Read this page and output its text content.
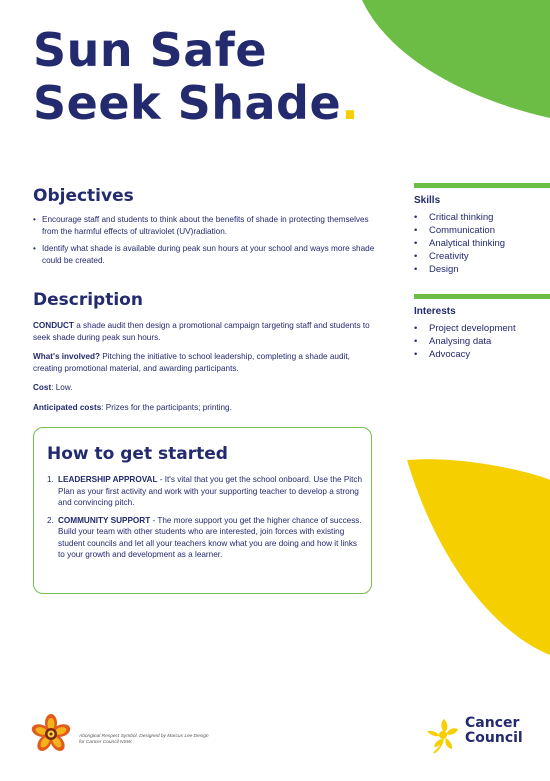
Sun Safe
Seek Shade.
Objectives
• Encourage staff and students to think about the benefits of shade in protecting themselves from the harmful effects of ultraviolet (UV)radiation.
• Identify what shade is available during peak sun hours at your school and ways more shade could be created.
Description

CONDUCT a shade audit then design a promotional campaign targeting staff and students to seek shade during peak sun hours.

What's involved? Pitching the initiative to school leadership, completing a shade audit, creating promotional material, and awarding participants.

Cost: Low.

Anticipated costs: Prizes for the participants; printing.

How to get started
1. LEADERSHIP APPROVAL - It's vital that you get the school onboard. Use the Pitch Plan as your first activity and work with your supporting teacher to develop a strong and convincing pitch.
2. COMMUNITY SUPPORT - The more support you get the higher chance of success. Build your team with other students who are interested, join forces with existing student councils and let all your teachers know what you are doing and how it links to your growth and development as a learner.
Skills
• Critical thinking
• Communication
• Analytical thinking
• Creativity
• Design
Interests
• Project development
• Analysing data
• Advocacy
Aboriginal Respect Symbol. Designed by Marcus Lee Design for Cancer Council NSW.
Cancer
Council
